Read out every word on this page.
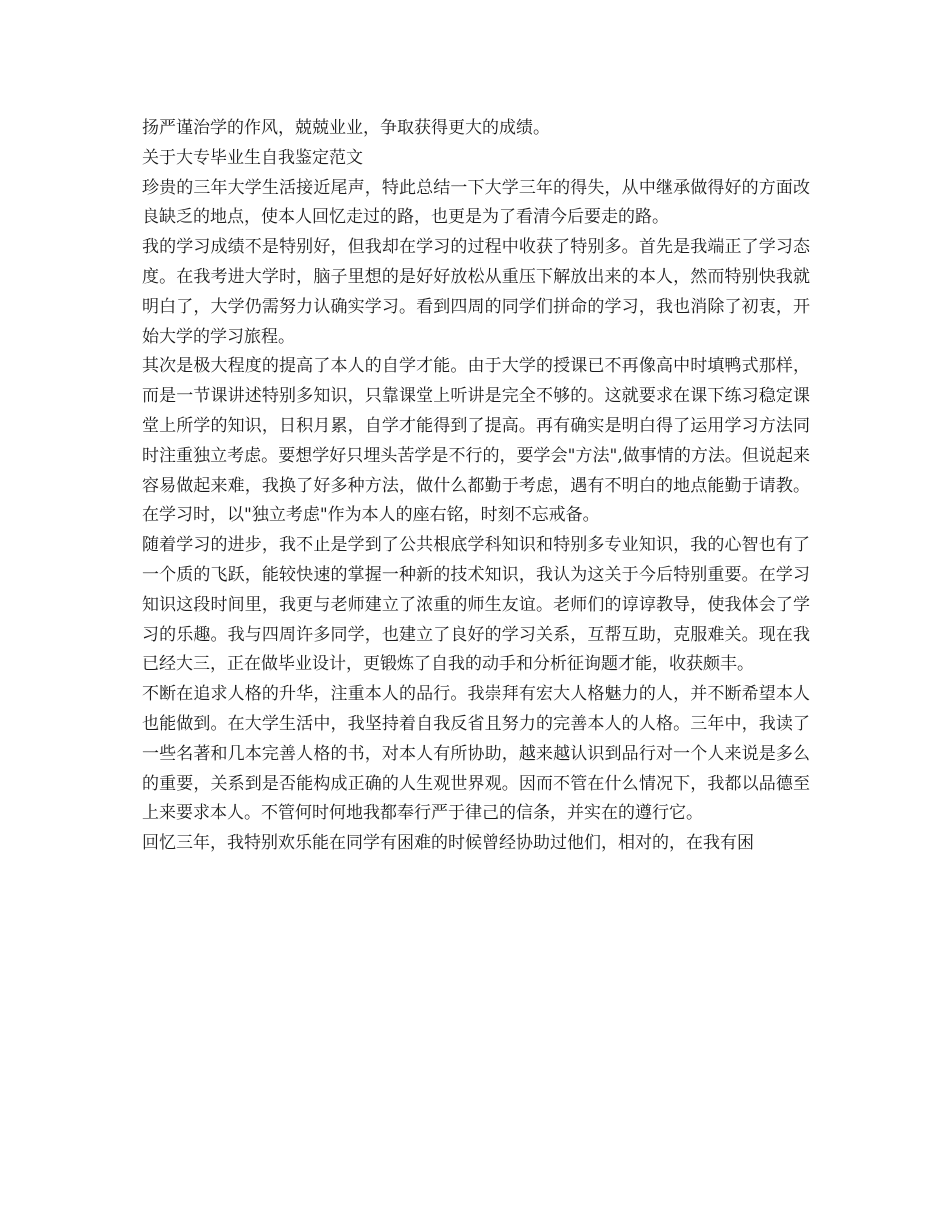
扬严谨治学的作风，兢兢业业，争取获得更大的成绩。

关于大专毕业生自我鉴定范文

珍贵的三年大学生活接近尾声，特此总结一下大学三年的得失，从中继承做得好的方面改良缺乏的地点，使本人回忆走过的路，也更是为了看清今后要走的路。

我的学习成绩不是特别好，但我却在学习的过程中收获了特别多。首先是我端正了学习态度。在我考进大学时，脑子里想的是好好放松从重压下解放出来的本人，然而特别快我就明白了，大学仍需努力认确实学习。看到四周的同学们拼命的学习，我也消除了初衷，开始大学的学习旅程。

其次是极大程度的提高了本人的自学才能。由于大学的授课已不再像高中时填鸭式那样，而是一节课讲述特别多知识，只靠课堂上听讲是完全不够的。这就要求在课下练习稳定课堂上所学的知识，日积月累，自学才能得到了提高。再有确实是明白得了运用学习方法同时注重独立考虑。要想学好只埋头苦学是不行的，要学会"方法",做事情的方法。但说起来容易做起来难，我换了好多种方法，做什么都勤于考虑，遇有不明白的地点能勤于请教。在学习时，以"独立考虑"作为本人的座右铭，时刻不忘戒备。

随着学习的进步，我不止是学到了公共根底学科知识和特别多专业知识，我的心智也有了一个质的飞跃，能较快速的掌握一种新的技术知识，我认为这关于今后特别重要。在学习知识这段时间里，我更与老师建立了浓重的师生友谊。老师们的谆谆教导，使我体会了学习的乐趣。我与四周许多同学，也建立了良好的学习关系，互帮互助，克服难关。现在我已经大三，正在做毕业设计，更锻炼了自我的动手和分析征询题才能，收获颇丰。

不断在追求人格的升华，注重本人的品行。我崇拜有宏大人格魅力的人，并不断希望本人也能做到。在大学生活中，我坚持着自我反省且努力的完善本人的人格。三年中，我读了一些名著和几本完善人格的书，对本人有所协助，越来越认识到品行对一个人来说是多么的重要，关系到是否能构成正确的人生观世界观。因而不管在什么情况下，我都以品德至上来要求本人。不管何时何地我都奉行严于律己的信条，并实在的遵行它。

回忆三年，我特别欢乐能在同学有困难的时候曾经协助过他们，相对的，在我有困
